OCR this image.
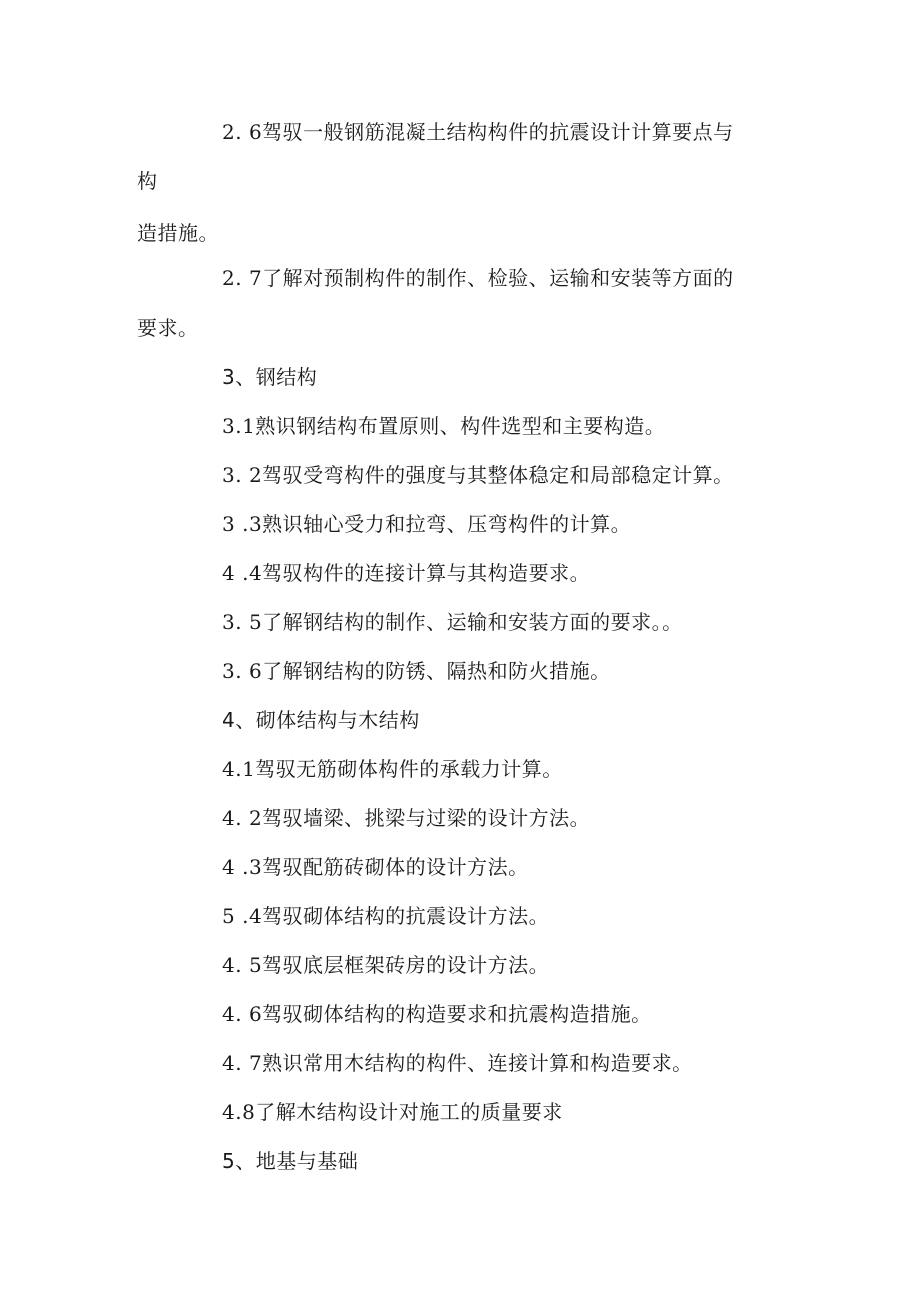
2. 6驾驭一般钢筋混凝土结构构件的抗震设计计算要点与
构
造措施。
2. 7了解对预制构件的制作、检验、运输和安装等方面的
要求。
3、钢结构
3.1熟识钢结构布置原则、构件选型和主要构造。
3. 2驾驭受弯构件的强度与其整体稳定和局部稳定计算。
3 .3熟识轴心受力和拉弯、压弯构件的计算。
4 .4驾驭构件的连接计算与其构造要求。
3. 5了解钢结构的制作、运输和安装方面的要求。。
3. 6了解钢结构的防锈、隔热和防火措施。
4、砌体结构与木结构
4.1驾驭无筋砌体构件的承载力计算。
4. 2驾驭墙梁、挑梁与过梁的设计方法。
4 .3驾驭配筋砖砌体的设计方法。
5 .4驾驭砌体结构的抗震设计方法。
4. 5驾驭底层框架砖房的设计方法。
4. 6驾驭砌体结构的构造要求和抗震构造措施。
4. 7熟识常用木结构的构件、连接计算和构造要求。
4.8了解木结构设计对施工的质量要求
5、地基与基础
